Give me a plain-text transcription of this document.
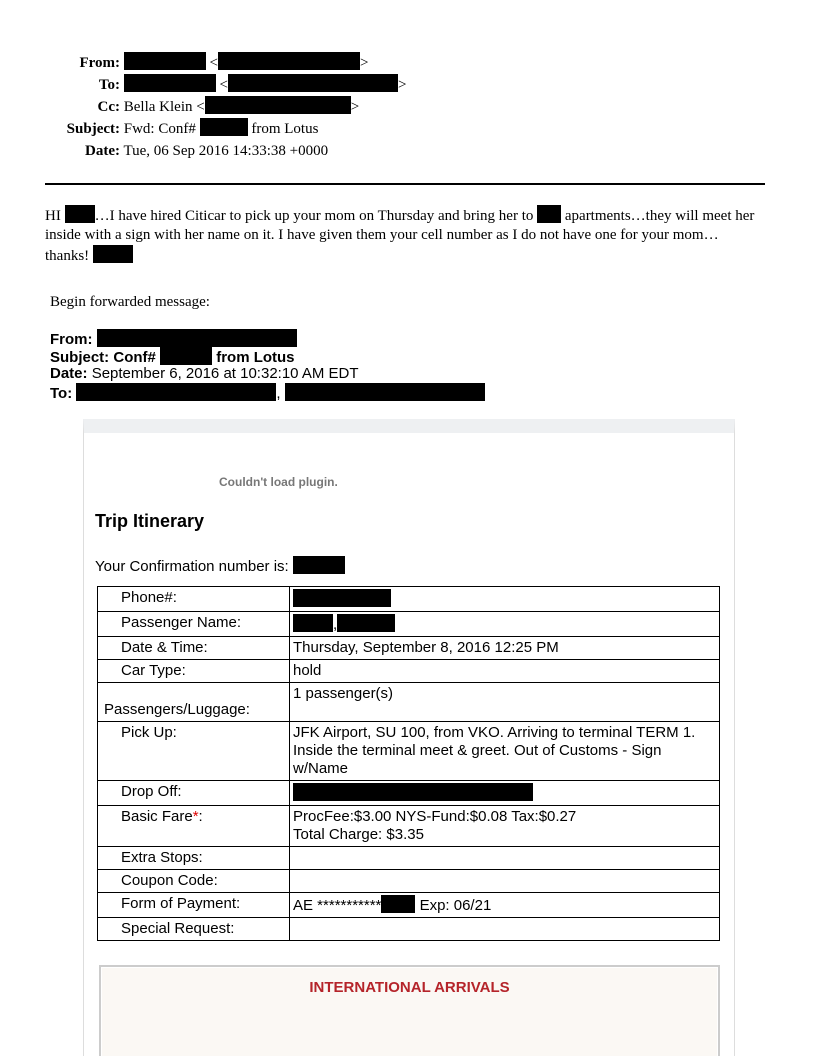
From:	<	>
To:	<	>
Cc: Bella Klein <	>
Subject: Fwd: Conf#	from Lotus
Date: Tue, 06 Sep 2016 14:33:38 +0000
HI …I have hired Citicar to pick up your mom on Thursday and bring her to apartments…they will meet her inside with a sign with her name on it. I have given them your cell number as I do not have one for your mom…thanks!
Begin forwarded message:
From:
Subject: Conf#	from Lotus
Date: September 6, 2016 at 10:32:10 AM EDT
To:	,
Couldn't load plugin.
Trip Itinerary
Your Confirmation number is:
Phone#:	
Passenger Name:	,
Date & Time:	Thursday, September 8, 2016 12:25 PM
Car Type:	hold
Passengers/Luggage:	1 passenger(s)
Pick Up:	JFK Airport, SU 100, from VKO. Arriving to terminal TERM 1. Inside the terminal meet & greet. Out of Customs - Sign w/Name
Drop Off:	
Basic Fare*:	ProcFee:$3.00 NYS-Fund:$0.08 Tax:$0.27
Total Charge: $3.35

Extra Stops:	
Coupon Code:	
Form of Payment:	AE *********** Exp: 06/21
Special Request:	
INTERNATIONAL ARRIVALS
